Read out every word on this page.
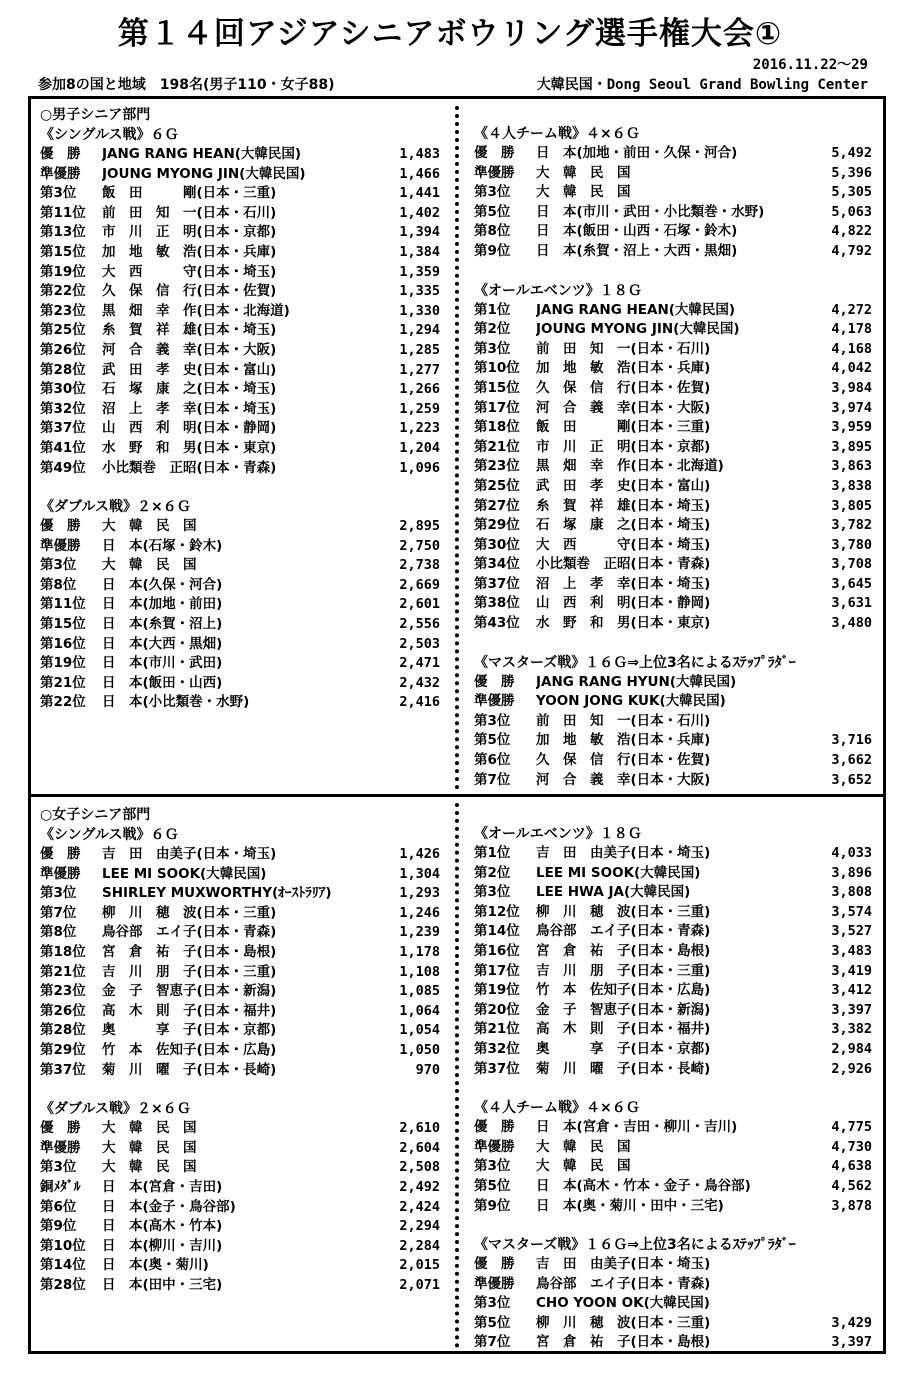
第１４回アジアシニアボウリング選手権大会①
2016.11.22～29
参加8の国と地域　198名(男子110・女子88)	大韓民国・Dong Seoul Grand Bowling Center
○男子シニア部門
《シングルス戦》６Ｇ
優　勝	JANG RANG HEAN(大韓民国)	1,483
準優勝	JOUNG MYONG JIN(大韓民国)	1,466
第3位	飯　田　　　剛(日本・三重)	1,441
第11位	前　田　知　一(日本・石川)	1,402
第13位	市　川　正　明(日本・京都)	1,394
第15位	加　地　敏　浩(日本・兵庫)	1,384
第19位	大　西　　　守(日本・埼玉)	1,359
第22位	久　保　信　行(日本・佐賀)	1,335
第23位	黒　畑　幸　作(日本・北海道)	1,330
第25位	糸　賀　祥　雄(日本・埼玉)	1,294
第26位	河　合　義　幸(日本・大阪)	1,285
第28位	武　田　孝　史(日本・富山)	1,277
第30位	石　塚　康　之(日本・埼玉)	1,266
第32位	沼　上　孝　幸(日本・埼玉)	1,259
第37位	山　西　利　明(日本・静岡)	1,223
第41位	水　野　和　男(日本・東京)	1,204
第49位	小比類巻　正昭(日本・青森)	1,096
《ダブルス戦》２×６Ｇ
優　勝	大　韓　民　国	2,895
準優勝	日　本(石塚・鈴木)	2,750
第3位	大　韓　民　国	2,738
第8位	日　本(久保・河合)	2,669
第11位	日　本(加地・前田)	2,601
第15位	日　本(糸賀・沼上)	2,556
第16位	日　本(大西・黒畑)	2,503
第19位	日　本(市川・武田)	2,471
第21位	日　本(飯田・山西)	2,432
第22位	日　本(小比類巻・水野)	2,416
《４人チーム戦》４×６Ｇ
優　勝	日　本(加地・前田・久保・河合)	5,492
準優勝	大　韓　民　国	5,396
第3位	大　韓　民　国	5,305
第5位	日　本(市川・武田・小比類巻・水野)	5,063
第8位	日　本(飯田・山西・石塚・鈴木)	4,822
第9位	日　本(糸賀・沼上・大西・黒畑)	4,792
《オールエベンツ》１８Ｇ
第1位	JANG RANG HEAN(大韓民国)	4,272
第2位	JOUNG MYONG JIN(大韓民国)	4,178
第3位	前　田　知　一(日本・石川)	4,168
第10位	加　地　敏　浩(日本・兵庫)	4,042
第15位	久　保　信　行(日本・佐賀)	3,984
第17位	河　合　義　幸(日本・大阪)	3,974
第18位	飯　田　　　剛(日本・三重)	3,959
第21位	市　川　正　明(日本・京都)	3,895
第23位	黒　畑　幸　作(日本・北海道)	3,863
第25位	武　田　孝　史(日本・富山)	3,838
第27位	糸　賀　祥　雄(日本・埼玉)	3,805
第29位	石　塚　康　之(日本・埼玉)	3,782
第30位	大　西　　　守(日本・埼玉)	3,780
第34位	小比類巻　正昭(日本・青森)	3,708
第37位	沼　上　孝　幸(日本・埼玉)	3,645
第38位	山　西　利　明(日本・静岡)	3,631
第43位	水　野　和　男(日本・東京)	3,480
《マスターズ戦》１６Ｇ⇒上位3名によるｽﾃｯﾌﾟﾗﾀﾞｰ
優　勝	JANG RANG HYUN(大韓民国)
準優勝	YOON JONG KUK(大韓民国)
第3位	前　田　知　一(日本・石川)
第5位	加　地　敏　浩(日本・兵庫)	3,716
第6位	久　保　信　行(日本・佐賀)	3,662
第7位	河　合　義　幸(日本・大阪)	3,652
○女子シニア部門
《シングルス戦》６Ｇ
優　勝	吉　田　由美子(日本・埼玉)	1,426
準優勝	LEE MI SOOK(大韓民国)	1,304
第3位	SHIRLEY MUXWORTHY(ｵｰｽﾄﾗﾘｱ)	1,293
第7位	柳　川　穂　波(日本・三重)	1,246
第8位	鳥谷部　エイ子(日本・青森)	1,239
第18位	宮　倉　祐　子(日本・島根)	1,178
第21位	吉　川　朋　子(日本・三重)	1,108
第23位	金　子　智恵子(日本・新潟)	1,085
第26位	高　木　則　子(日本・福井)	1,064
第28位	奥　　　享　子(日本・京都)	1,054
第29位	竹　本　佐知子(日本・広島)	1,050
第37位	菊　川　曜　子(日本・長崎)	970
《ダブルス戦》２×６Ｇ
優　勝	大　韓　民　国	2,610
準優勝	大　韓　民　国	2,604
第3位	大　韓　民　国	2,508
銅ﾒﾀﾞﾙ	日　本(宮倉・吉田)	2,492
第6位	日　本(金子・鳥谷部)	2,424
第9位	日　本(高木・竹本)	2,294
第10位	日　本(柳川・吉川)	2,284
第14位	日　本(奥・菊川)	2,015
第28位	日　本(田中・三宅)	2,071
《オールエベンツ》１８Ｇ
第1位	吉　田　由美子(日本・埼玉)	4,033
第2位	LEE MI SOOK(大韓民国)	3,896
第3位	LEE HWA JA(大韓民国)	3,808
第12位	柳　川　穂　波(日本・三重)	3,574
第14位	鳥谷部　エイ子(日本・青森)	3,527
第16位	宮　倉　祐　子(日本・島根)	3,483
第17位	吉　川　朋　子(日本・三重)	3,419
第19位	竹　本　佐知子(日本・広島)	3,412
第20位	金　子　智恵子(日本・新潟)	3,397
第21位	高　木　則　子(日本・福井)	3,382
第32位	奥　　　享　子(日本・京都)	2,984
第37位	菊　川　曜　子(日本・長崎)	2,926
《４人チーム戦》４×６Ｇ
優　勝	日　本(宮倉・吉田・柳川・吉川)	4,775
準優勝	大　韓　民　国	4,730
第3位	大　韓　民　国	4,638
第5位	日　本(高木・竹本・金子・鳥谷部)	4,562
第9位	日　本(奥・菊川・田中・三宅)	3,878
《マスターズ戦》１６Ｇ⇒上位3名によるｽﾃｯﾌﾟﾗﾀﾞｰ
優　勝	吉　田　由美子(日本・埼玉)
準優勝	鳥谷部　エイ子(日本・青森)
第3位	CHO YOON OK(大韓民国)
第5位	柳　川　穂　波(日本・三重)	3,429
第7位	宮　倉　祐　子(日本・島根)	3,397
